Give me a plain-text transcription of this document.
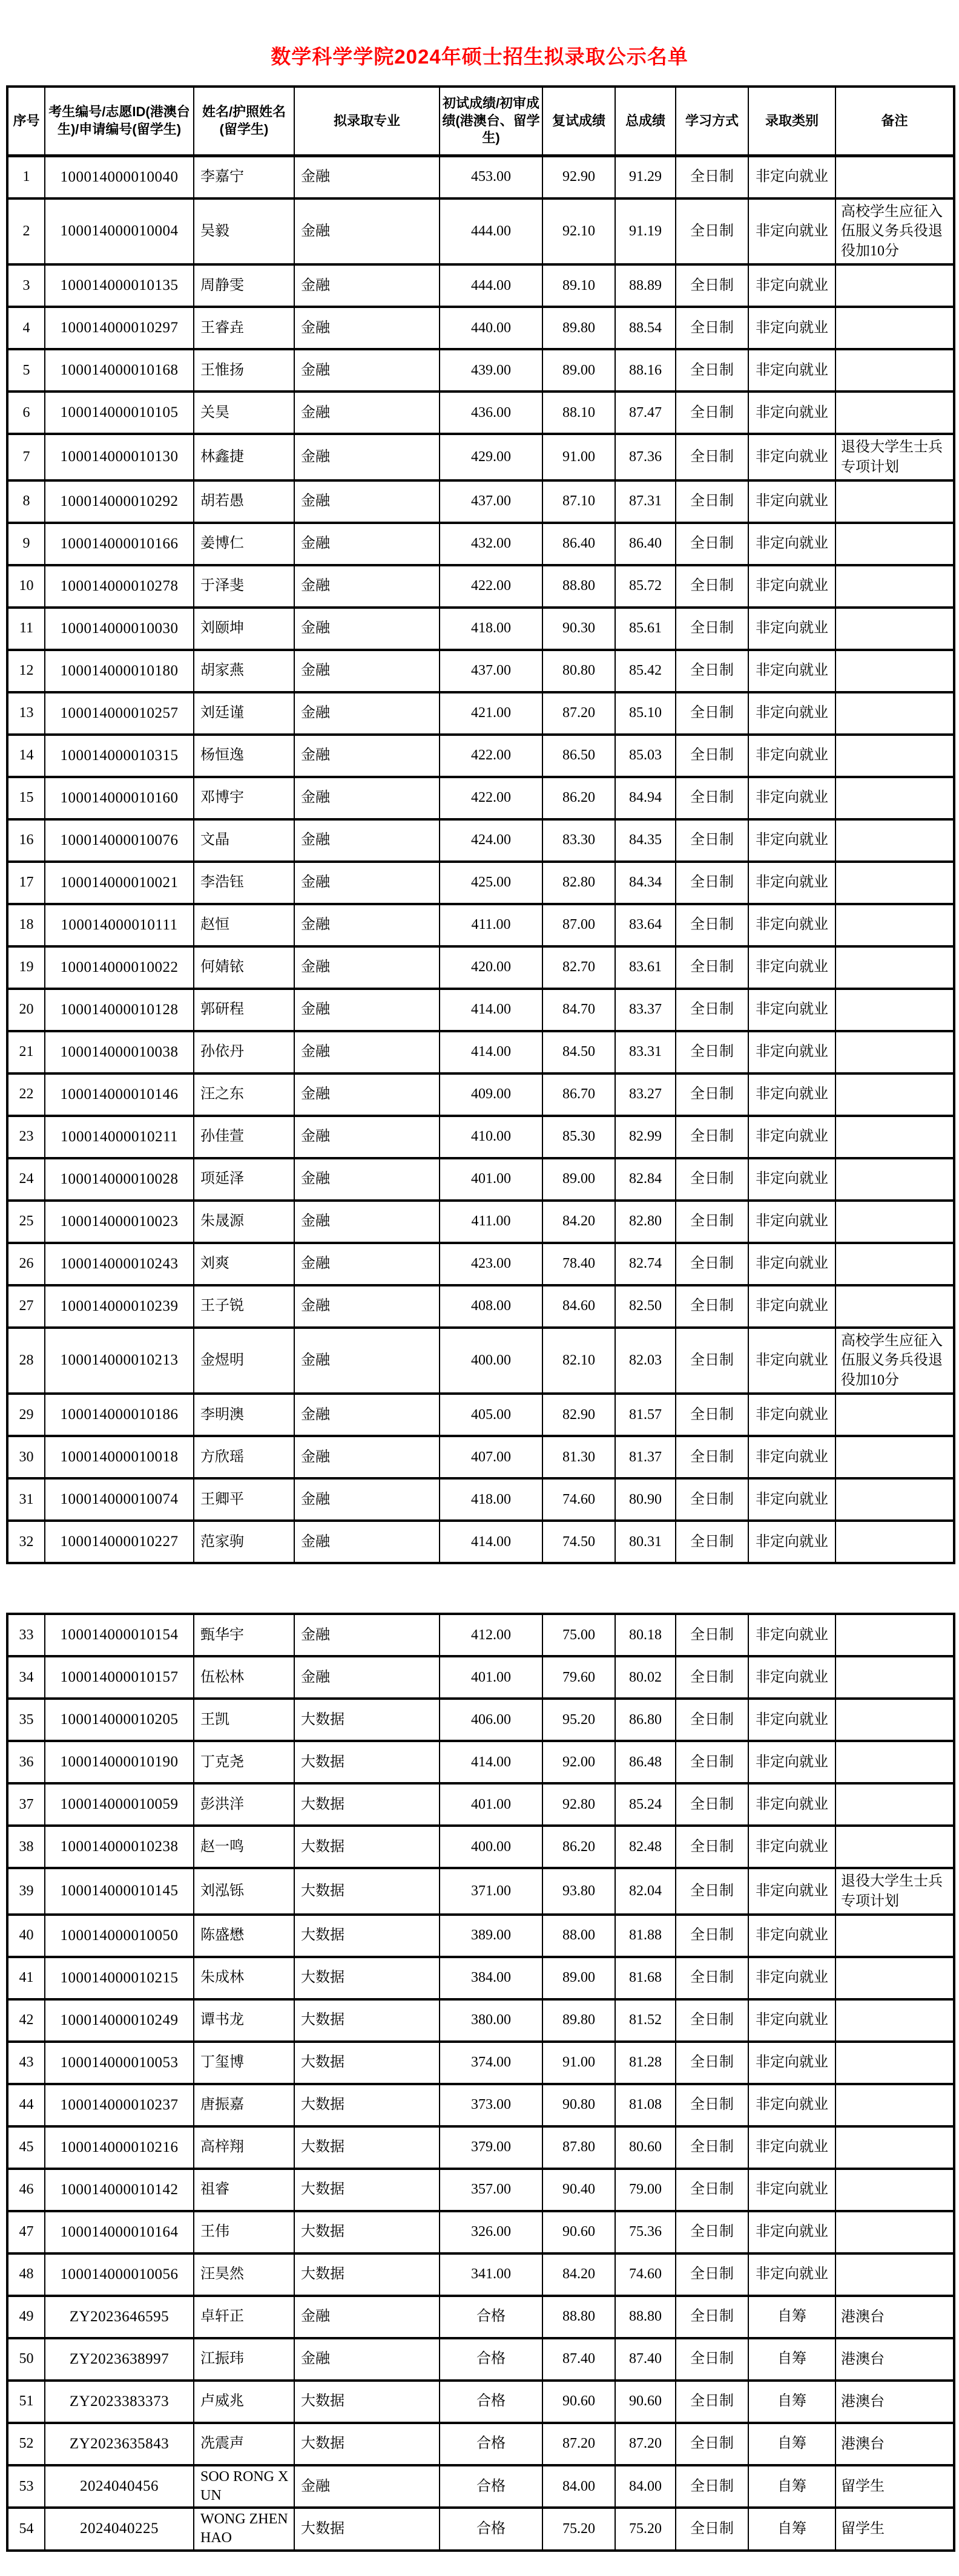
数学科学学院2024年硕士招生拟录取公示名单
序号	考生编号/志愿ID(港澳台生)/申请编号(留学生)	姓名/护照姓名(留学生)	拟录取专业	初试成绩/初审成绩(港澳台、留学生)	复试成绩	总成绩	学习方式	录取类别	备注
1	100014000010040	李嘉宁	金融	453.00	92.90	91.29	全日制	非定向就业	
2	100014000010004	吴毅	金融	444.00	92.10	91.19	全日制	非定向就业	高校学生应征入伍服义务兵役退役加10分
3	100014000010135	周静雯	金融	444.00	89.10	88.89	全日制	非定向就业	
4	100014000010297	王睿垚	金融	440.00	89.80	88.54	全日制	非定向就业	
5	100014000010168	王惟扬	金融	439.00	89.00	88.16	全日制	非定向就业	
6	100014000010105	关昊	金融	436.00	88.10	87.47	全日制	非定向就业	
7	100014000010130	林鑫捷	金融	429.00	91.00	87.36	全日制	非定向就业	退役大学生士兵专项计划
8	100014000010292	胡若愚	金融	437.00	87.10	87.31	全日制	非定向就业	
9	100014000010166	姜博仁	金融	432.00	86.40	86.40	全日制	非定向就业	
10	100014000010278	于泽斐	金融	422.00	88.80	85.72	全日制	非定向就业	
11	100014000010030	刘颐坤	金融	418.00	90.30	85.61	全日制	非定向就业	
12	100014000010180	胡家燕	金融	437.00	80.80	85.42	全日制	非定向就业	
13	100014000010257	刘廷谨	金融	421.00	87.20	85.10	全日制	非定向就业	
14	100014000010315	杨恒逸	金融	422.00	86.50	85.03	全日制	非定向就业	
15	100014000010160	邓博宇	金融	422.00	86.20	84.94	全日制	非定向就业	
16	100014000010076	文晶	金融	424.00	83.30	84.35	全日制	非定向就业	
17	100014000010021	李浩钰	金融	425.00	82.80	84.34	全日制	非定向就业	
18	100014000010111	赵恒	金融	411.00	87.00	83.64	全日制	非定向就业	
19	100014000010022	何婧铱	金融	420.00	82.70	83.61	全日制	非定向就业	
20	100014000010128	郭研程	金融	414.00	84.70	83.37	全日制	非定向就业	
21	100014000010038	孙依丹	金融	414.00	84.50	83.31	全日制	非定向就业	
22	100014000010146	汪之东	金融	409.00	86.70	83.27	全日制	非定向就业	
23	100014000010211	孙佳萱	金融	410.00	85.30	82.99	全日制	非定向就业	
24	100014000010028	项延泽	金融	401.00	89.00	82.84	全日制	非定向就业	
25	100014000010023	朱晟源	金融	411.00	84.20	82.80	全日制	非定向就业	
26	100014000010243	刘爽	金融	423.00	78.40	82.74	全日制	非定向就业	
27	100014000010239	王子锐	金融	408.00	84.60	82.50	全日制	非定向就业	
28	100014000010213	金煜明	金融	400.00	82.10	82.03	全日制	非定向就业	高校学生应征入伍服义务兵役退役加10分
29	100014000010186	李明澳	金融	405.00	82.90	81.57	全日制	非定向就业	
30	100014000010018	方欣瑶	金融	407.00	81.30	81.37	全日制	非定向就业	
31	100014000010074	王卿平	金融	418.00	74.60	80.90	全日制	非定向就业	
32	100014000010227	范家驹	金融	414.00	74.50	80.31	全日制	非定向就业	
33	100014000010154	甄华宇	金融	412.00	75.00	80.18	全日制	非定向就业	
34	100014000010157	伍松林	金融	401.00	79.60	80.02	全日制	非定向就业	
35	100014000010205	王凯	大数据	406.00	95.20	86.80	全日制	非定向就业	
36	100014000010190	丁克尧	大数据	414.00	92.00	86.48	全日制	非定向就业	
37	100014000010059	彭洪洋	大数据	401.00	92.80	85.24	全日制	非定向就业	
38	100014000010238	赵一鸣	大数据	400.00	86.20	82.48	全日制	非定向就业	
39	100014000010145	刘泓铄	大数据	371.00	93.80	82.04	全日制	非定向就业	退役大学生士兵专项计划
40	100014000010050	陈盛懋	大数据	389.00	88.00	81.88	全日制	非定向就业	
41	100014000010215	朱成林	大数据	384.00	89.00	81.68	全日制	非定向就业	
42	100014000010249	谭书龙	大数据	380.00	89.80	81.52	全日制	非定向就业	
43	100014000010053	丁玺博	大数据	374.00	91.00	81.28	全日制	非定向就业	
44	100014000010237	唐振嘉	大数据	373.00	90.80	81.08	全日制	非定向就业	
45	100014000010216	高梓翔	大数据	379.00	87.80	80.60	全日制	非定向就业	
46	100014000010142	祖睿	大数据	357.00	90.40	79.00	全日制	非定向就业	
47	100014000010164	王伟	大数据	326.00	90.60	75.36	全日制	非定向就业	
48	100014000010056	汪昊然	大数据	341.00	84.20	74.60	全日制	非定向就业	
49	ZY2023646595	卓轩正	金融	合格	88.80	88.80	全日制	自筹	港澳台
50	ZY2023638997	江振玮	金融	合格	87.40	87.40	全日制	自筹	港澳台
51	ZY2023383373	卢威兆	大数据	合格	90.60	90.60	全日制	自筹	港澳台
52	ZY2023635843	冼震声	大数据	合格	87.20	87.20	全日制	自筹	港澳台
53	2024040456	SOO RONG XUN	金融	合格	84.00	84.00	全日制	自筹	留学生
54	2024040225	WONG ZHEN HAO	大数据	合格	75.20	75.20	全日制	自筹	留学生
